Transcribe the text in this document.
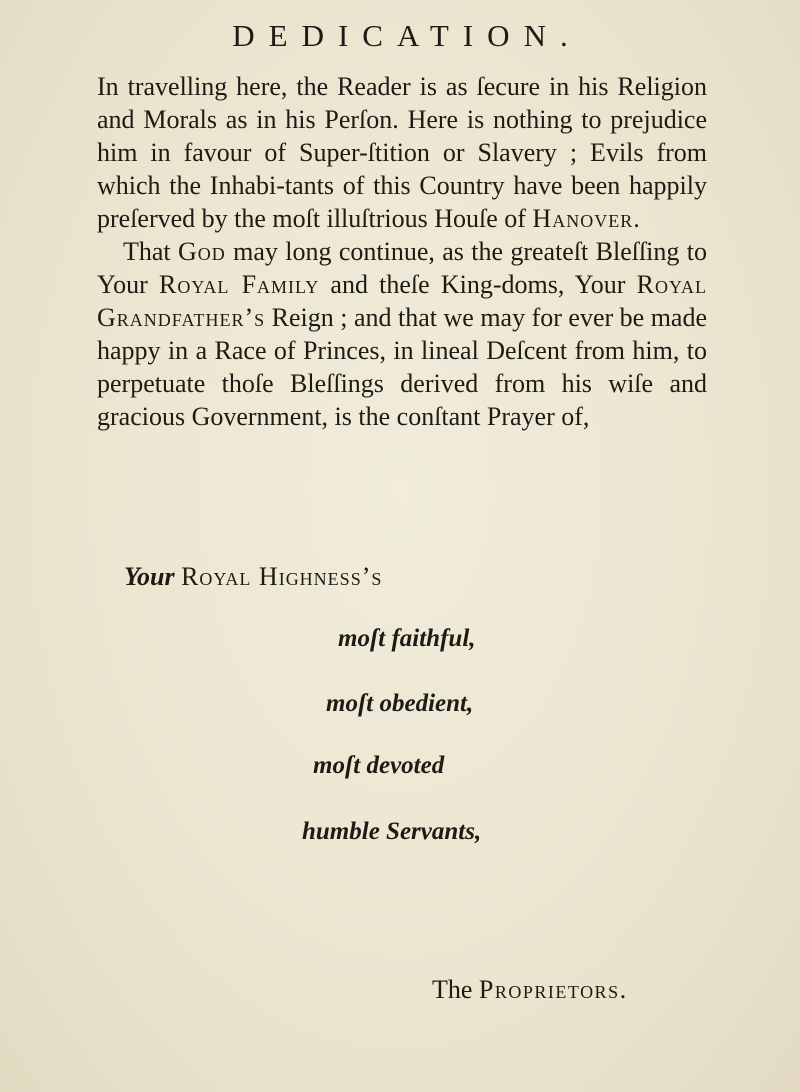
DEDICATION.

In travelling here, the Reader is as ſecure in his Religion and Morals as in his Perſon. Here is nothing to prejudice him in favour of Super-ſtition or Slavery ; Evils from which the Inhabi-tants of this Country have been happily preſerved by the moſt illuſtrious Houſe of Hanover.

That God may long continue, as the greateſt Bleſſing to Your Royal Family and theſe King-doms, Your Royal Grandfather’s Reign ; and that we may for ever be made happy in a Race of Princes, in lineal Deſcent from him, to perpetuate thoſe Bleſſings derived from his wiſe and gracious Government, is the conſtant Prayer of,

Your Royal Highness’s
moſt faithful,
moſt obedient,
moſt devoted
humble Servants,
The Proprietors.
